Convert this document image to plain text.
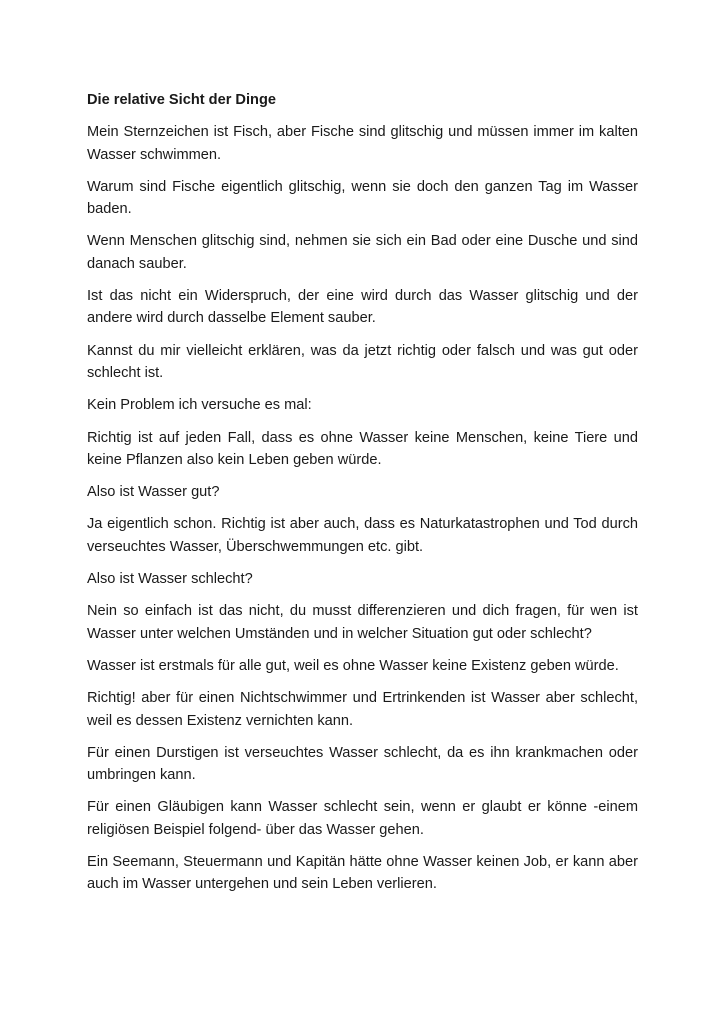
Die relative Sicht der Dinge

Mein Sternzeichen ist Fisch, aber Fische sind glitschig und müssen immer im kalten Wasser schwimmen.

Warum sind Fische eigentlich glitschig, wenn sie doch den ganzen Tag im Wasser baden.

Wenn Menschen glitschig sind, nehmen sie sich ein Bad oder eine Dusche und sind danach sauber.

Ist das nicht ein Widerspruch, der eine wird durch das Wasser glitschig und der andere wird durch dasselbe Element sauber.

Kannst du mir vielleicht erklären, was da jetzt richtig oder falsch und was gut oder schlecht ist.

Kein Problem ich versuche es mal:

Richtig ist auf jeden Fall, dass es ohne Wasser keine Menschen, keine Tiere und keine Pflanzen also kein Leben geben würde.

Also ist Wasser gut?

Ja eigentlich schon. Richtig ist aber auch, dass es Naturkatastrophen und Tod durch verseuchtes Wasser, Überschwemmungen etc. gibt.

Also ist Wasser schlecht?

Nein so einfach ist das nicht, du musst differenzieren und dich fragen, für wen ist Wasser unter welchen Umständen und in welcher Situation gut oder schlecht?

Wasser ist erstmals für alle gut, weil es ohne Wasser keine Existenz geben würde.

Richtig! aber für einen Nichtschwimmer und Ertrinkenden ist Wasser aber schlecht, weil es dessen Existenz vernichten kann.

Für einen Durstigen ist verseuchtes Wasser schlecht, da es ihn krankmachen oder umbringen kann.

Für einen Gläubigen kann Wasser schlecht sein, wenn er glaubt er könne -einem religiösen Beispiel folgend- über das Wasser gehen.

Ein Seemann, Steuermann und Kapitän hätte ohne Wasser keinen Job, er kann aber auch im Wasser untergehen und sein Leben verlieren.
